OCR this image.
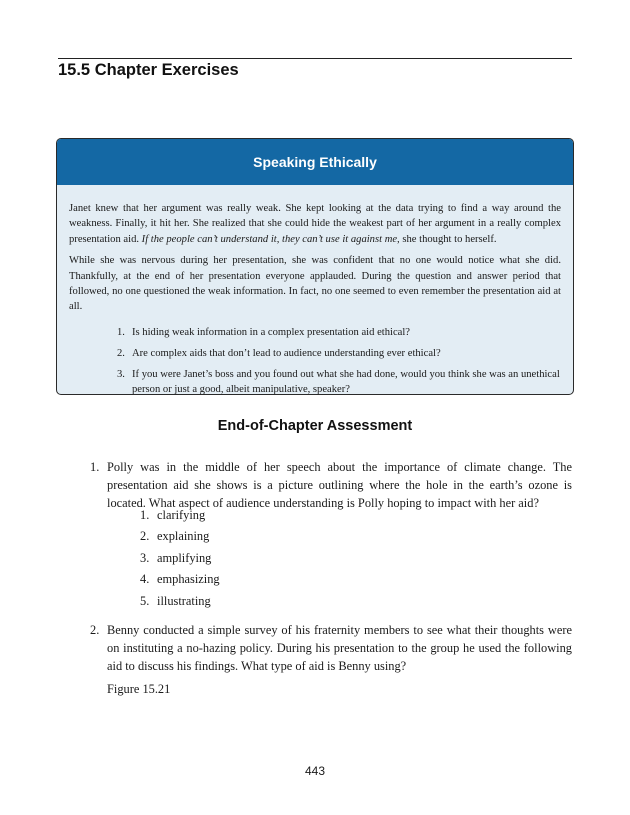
15.5 Chapter Exercises
Speaking Ethically

Janet knew that her argument was really weak. She kept looking at the data trying to find a way around the weakness. Finally, it hit her. She realized that she could hide the weakest part of her argument in a really complex presentation aid. If the people can’t understand it, they can’t use it against me, she thought to herself.

While she was nervous during her presentation, she was confident that no one would notice what she did. Thankfully, at the end of her presentation everyone applauded. During the question and answer period that followed, no one questioned the weak information. In fact, no one seemed to even remember the presentation aid at all.

1. Is hiding weak information in a complex presentation aid ethical?
2. Are complex aids that don’t lead to audience understanding ever ethical?
3. If you were Janet’s boss and you found out what she had done, would you think she was an unethical person or just a good, albeit manipulative, speaker?
End-of-Chapter Assessment
1. Polly was in the middle of her speech about the importance of climate change. The presentation aid she shows is a picture outlining where the hole in the earth’s ozone is located. What aspect of audience understanding is Polly hoping to impact with her aid?
1. clarifying
2. explaining
3. amplifying
4. emphasizing
5. illustrating
2. Benny conducted a simple survey of his fraternity members to see what their thoughts were on instituting a no-hazing policy. During his presentation to the group he used the following aid to discuss his findings. What type of aid is Benny using?
Figure 15.21
443
